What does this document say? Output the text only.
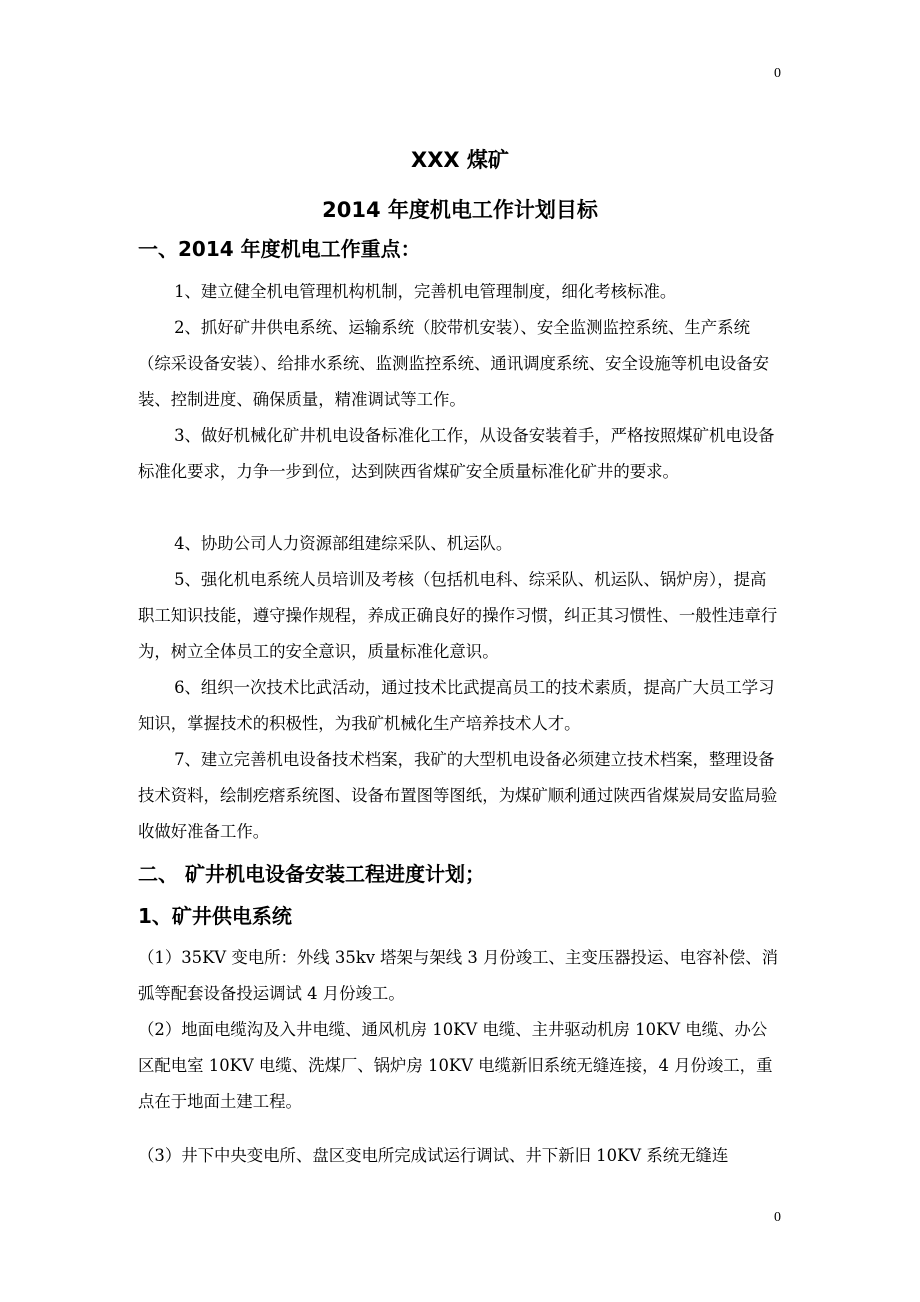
0
XXX 煤矿
2014 年度机电工作计划目标
一、2014 年度机电工作重点：
1、建立健全机电管理机构机制，完善机电管理制度，细化考核标准。
2、抓好矿井供电系统、运输系统（胶带机安装）、安全监测监控系统、生产系统（综采设备安装）、给排水系统、监测监控系统、通讯调度系统、安全设施等机电设备安装、控制进度、确保质量，精准调试等工作。
3、做好机械化矿井机电设备标准化工作，从设备安装着手，严格按照煤矿机电设备标准化要求，力争一步到位，达到陕西省煤矿安全质量标准化矿井的要求。
4、协助公司人力资源部组建综采队、机运队。
5、强化机电系统人员培训及考核（包括机电科、综采队、机运队、锅炉房），提高职工知识技能，遵守操作规程，养成正确良好的操作习惯，纠正其习惯性、一般性违章行为，树立全体员工的安全意识，质量标准化意识。
6、组织一次技术比武活动，通过技术比武提高员工的技术素质，提高广大员工学习知识，掌握技术的积极性，为我矿机械化生产培养技术人才。
7、建立完善机电设备技术档案，我矿的大型机电设备必须建立技术档案，整理设备技术资料，绘制疙瘩系统图、设备布置图等图纸，为煤矿顺利通过陕西省煤炭局安监局验收做好准备工作。
二、 矿井机电设备安装工程进度计划；
1、矿井供电系统
（1）35KV 变电所：外线 35kv 塔架与架线 3 月份竣工、主变压器投运、电容补偿、消弧等配套设备投运调试 4 月份竣工。
（2）地面电缆沟及入井电缆、通风机房 10KV 电缆、主井驱动机房 10KV 电缆、办公区配电室 10KV 电缆、洗煤厂、锅炉房 10KV 电缆新旧系统无缝连接，4 月份竣工，重点在于地面土建工程。
（3）井下中央变电所、盘区变电所完成试运行调试、井下新旧 10KV 系统无缝连
0
